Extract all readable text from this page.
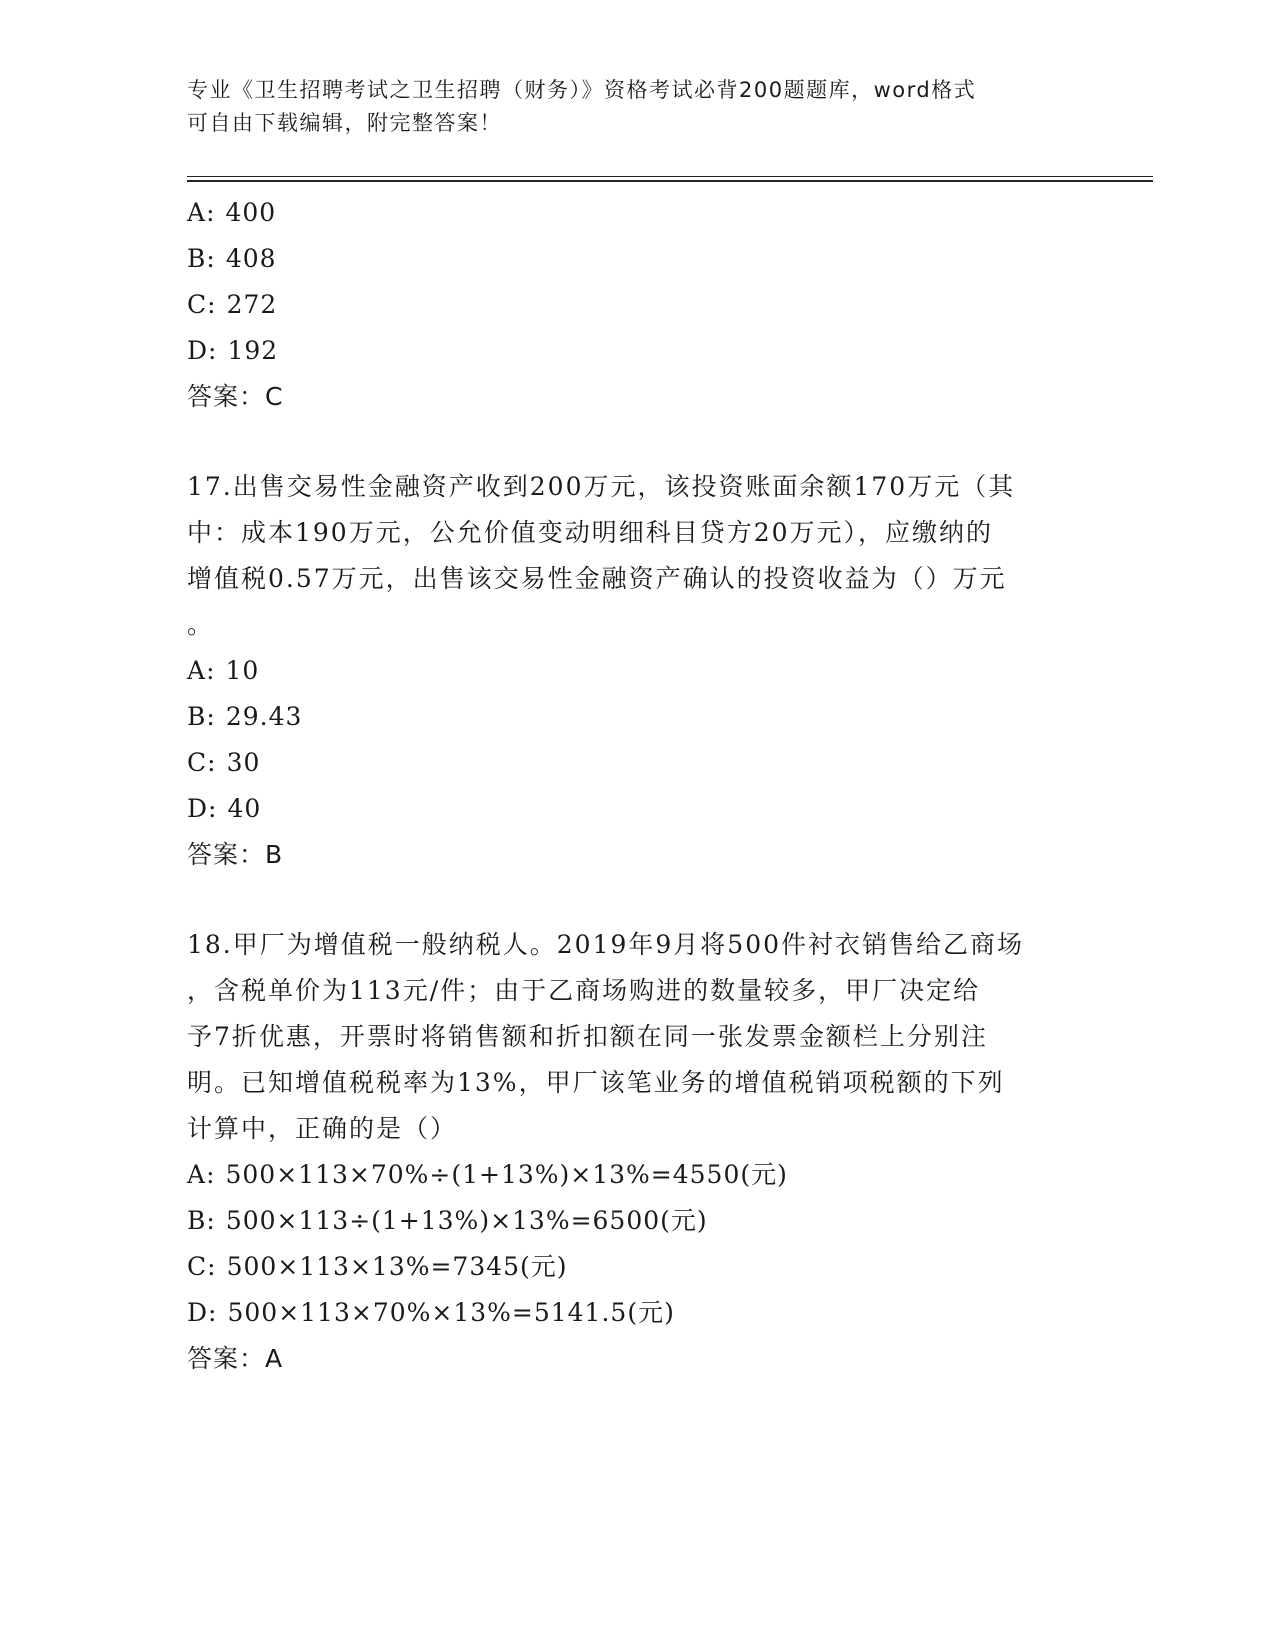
专业《卫生招聘考试之卫生招聘（财务）》资格考试必背200题题库，word格式
可自由下载编辑，附完整答案！
A: 400
B: 408
C: 272
D: 192
答案：C
17.出售交易性金融资产收到200万元，该投资账面余额170万元（其
中：成本190万元，公允价值变动明细科目贷方20万元），应缴纳的
增值税0.57万元，出售该交易性金融资产确认的投资收益为（）万元
。
A: 10
B: 29.43
C: 30
D: 40
答案：B
18.甲厂为增值税一般纳税人。2019年9月将500件衬衣销售给乙商场
，含税单价为113元/件；由于乙商场购进的数量较多，甲厂决定给
予7折优惠，开票时将销售额和折扣额在同一张发票金额栏上分别注
明。已知增值税税率为13%，甲厂该笔业务的增值税销项税额的下列
计算中，正确的是（）
A: 500×113×70%÷(1+13%)×13%=4550(元)
B: 500×113÷(1+13%)×13%=6500(元)
C: 500×113×13%=7345(元)
D: 500×113×70%×13%=5141.5(元)
答案：A
